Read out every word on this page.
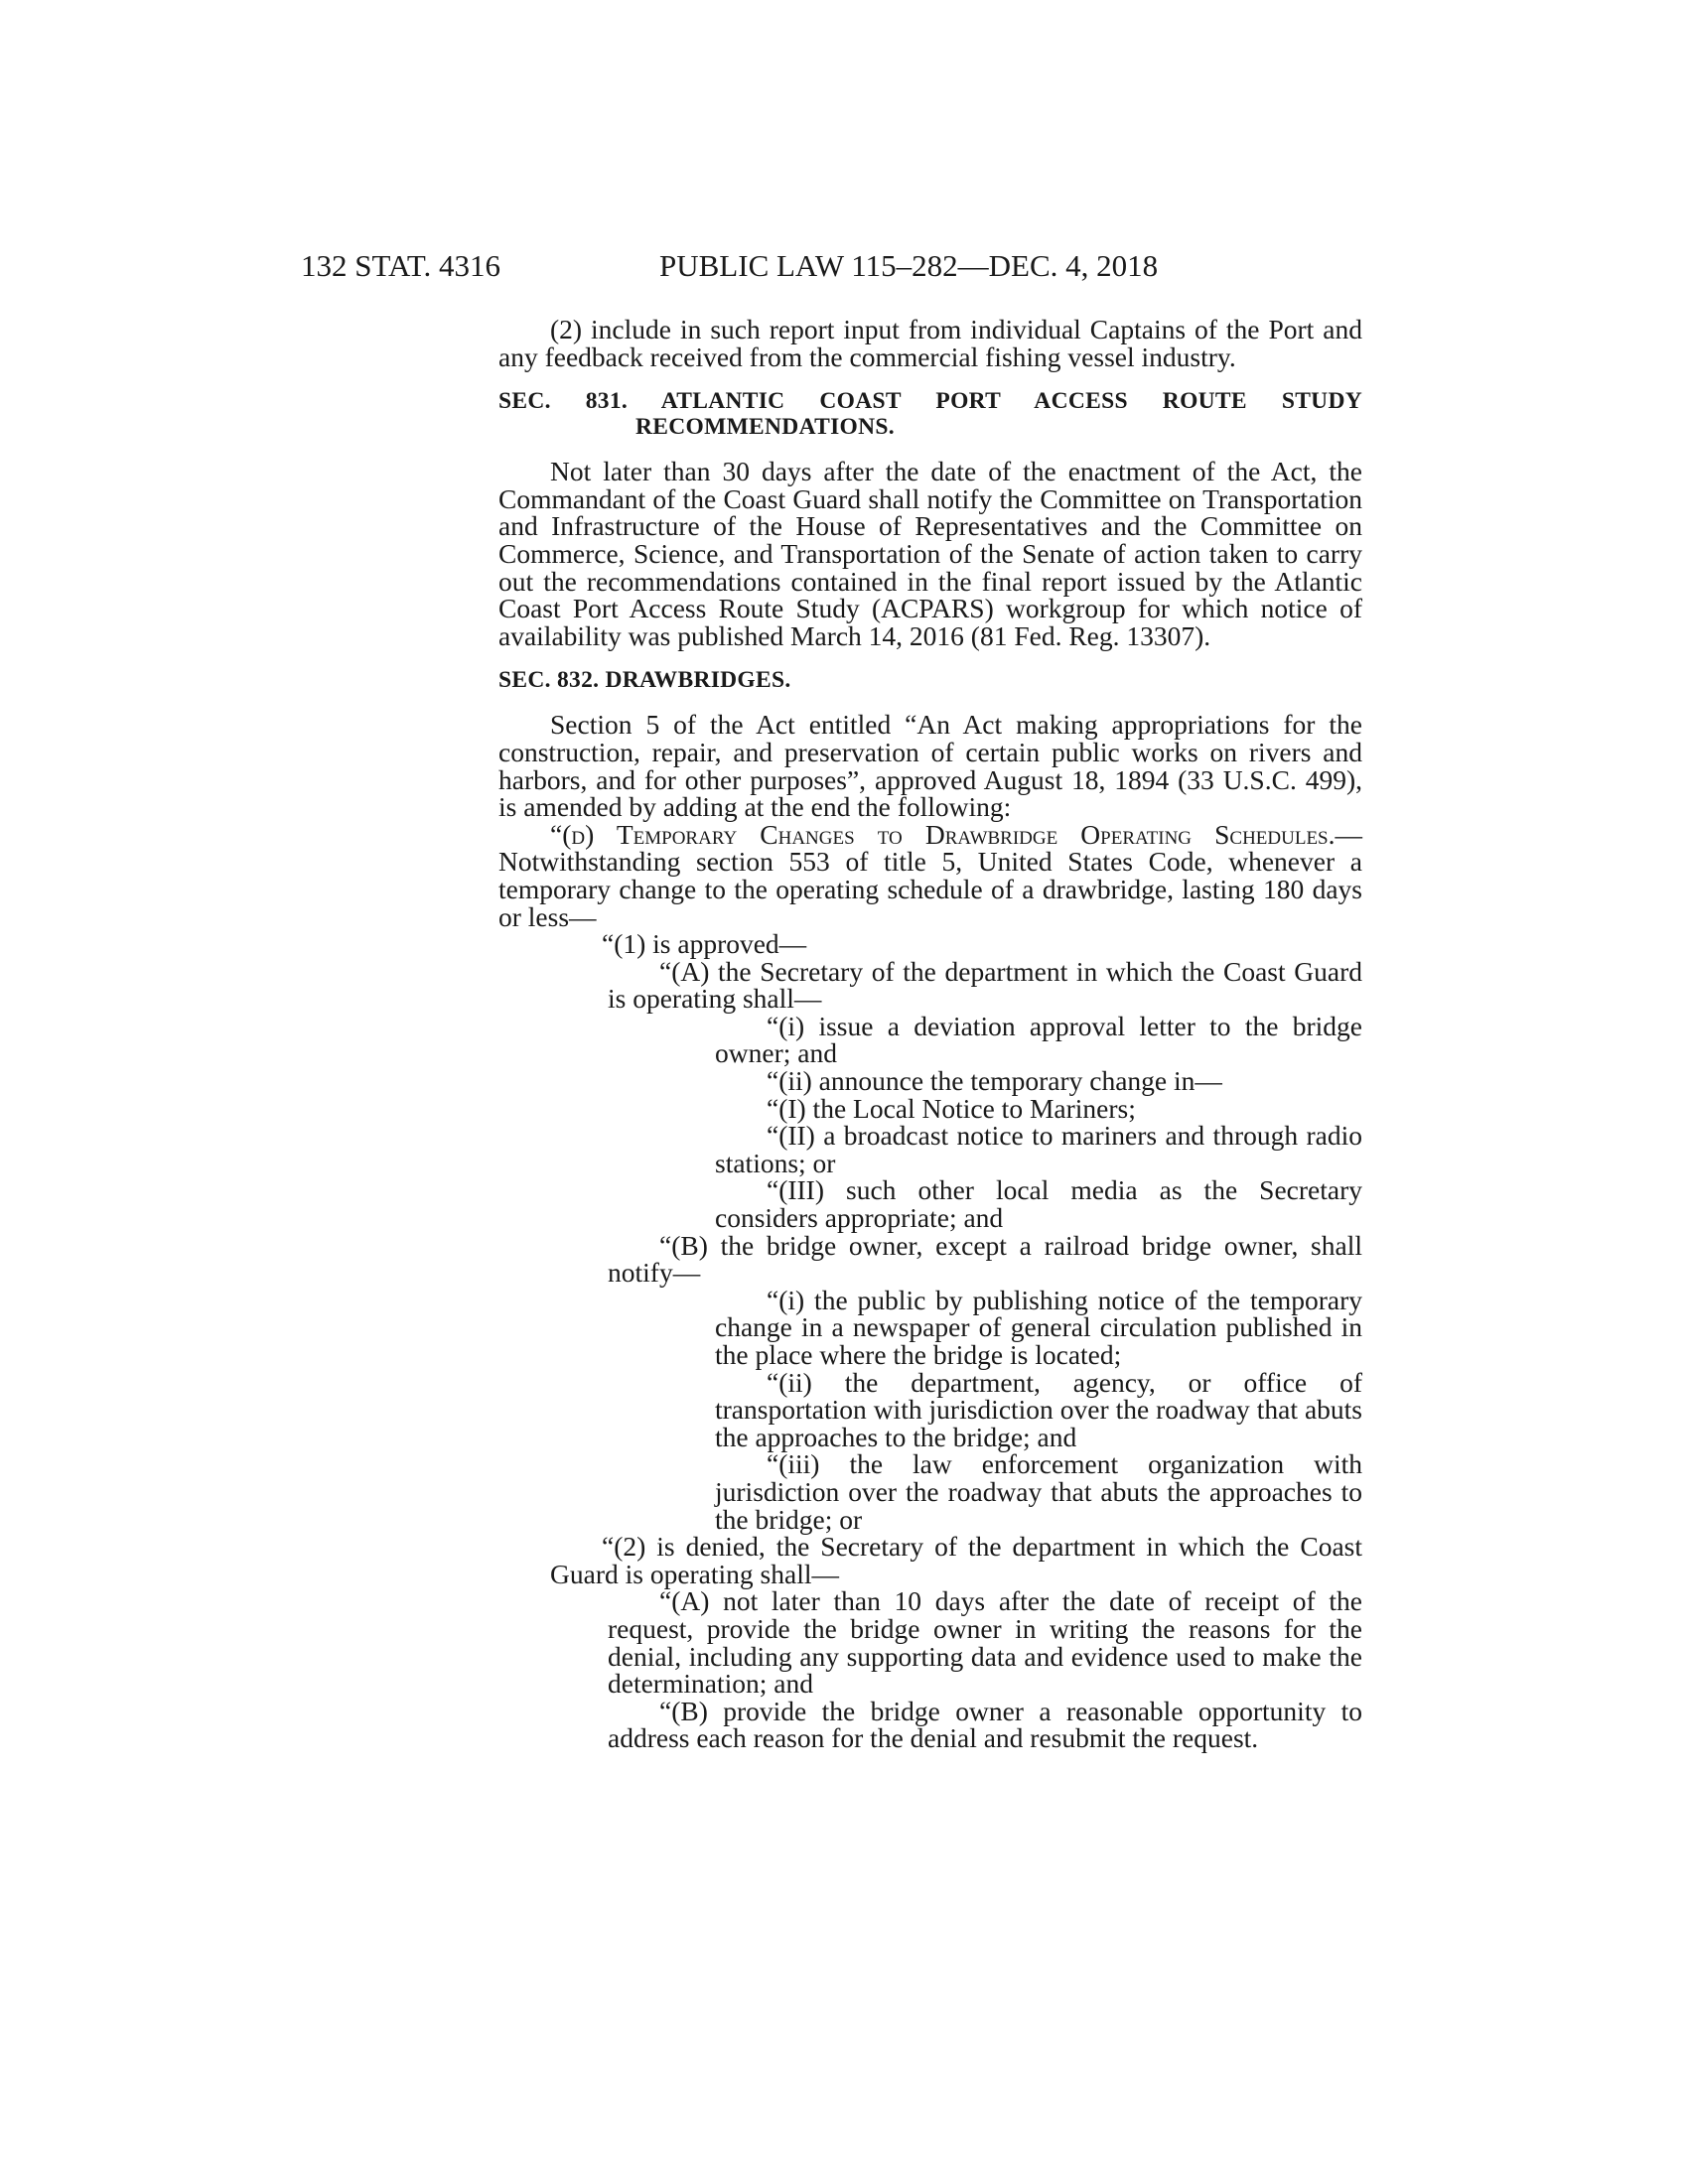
132 STAT. 4316	PUBLIC LAW 115–282—DEC. 4, 2018

(2) include in such report input from individual Captains of the Port and any feedback received from the commercial fishing vessel industry.

SEC. 831. ATLANTIC COAST PORT ACCESS ROUTE STUDY RECOMMENDATIONS.

Not later than 30 days after the date of the enactment of the Act, the Commandant of the Coast Guard shall notify the Committee on Transportation and Infrastructure of the House of Representatives and the Committee on Commerce, Science, and Transportation of the Senate of action taken to carry out the recommendations contained in the final report issued by the Atlantic Coast Port Access Route Study (ACPARS) workgroup for which notice of availability was published March 14, 2016 (81 Fed. Reg. 13307).

SEC. 832. DRAWBRIDGES.

Section 5 of the Act entitled “An Act making appropriations for the construction, repair, and preservation of certain public works on rivers and harbors, and for other purposes”, approved August 18, 1894 (33 U.S.C. 499), is amended by adding at the end the following:

“(d) Temporary Changes to Drawbridge Operating Schedules.—Notwithstanding section 553 of title 5, United States Code, whenever a temporary change to the operating schedule of a drawbridge, lasting 180 days or less—

“(1) is approved—

“(A) the Secretary of the department in which the Coast Guard is operating shall—

“(i) issue a deviation approval letter to the bridge owner; and

“(ii) announce the temporary change in—

“(I) the Local Notice to Mariners;

“(II) a broadcast notice to mariners and through radio stations; or

“(III) such other local media as the Secretary considers appropriate; and

“(B) the bridge owner, except a railroad bridge owner, shall notify—

“(i) the public by publishing notice of the temporary change in a newspaper of general circulation published in the place where the bridge is located;

“(ii) the department, agency, or office of transportation with jurisdiction over the roadway that abuts the approaches to the bridge; and

“(iii) the law enforcement organization with jurisdiction over the roadway that abuts the approaches to the bridge; or

“(2) is denied, the Secretary of the department in which the Coast Guard is operating shall—

“(A) not later than 10 days after the date of receipt of the request, provide the bridge owner in writing the reasons for the denial, including any supporting data and evidence used to make the determination; and

“(B) provide the bridge owner a reasonable opportunity to address each reason for the denial and resubmit the request.
